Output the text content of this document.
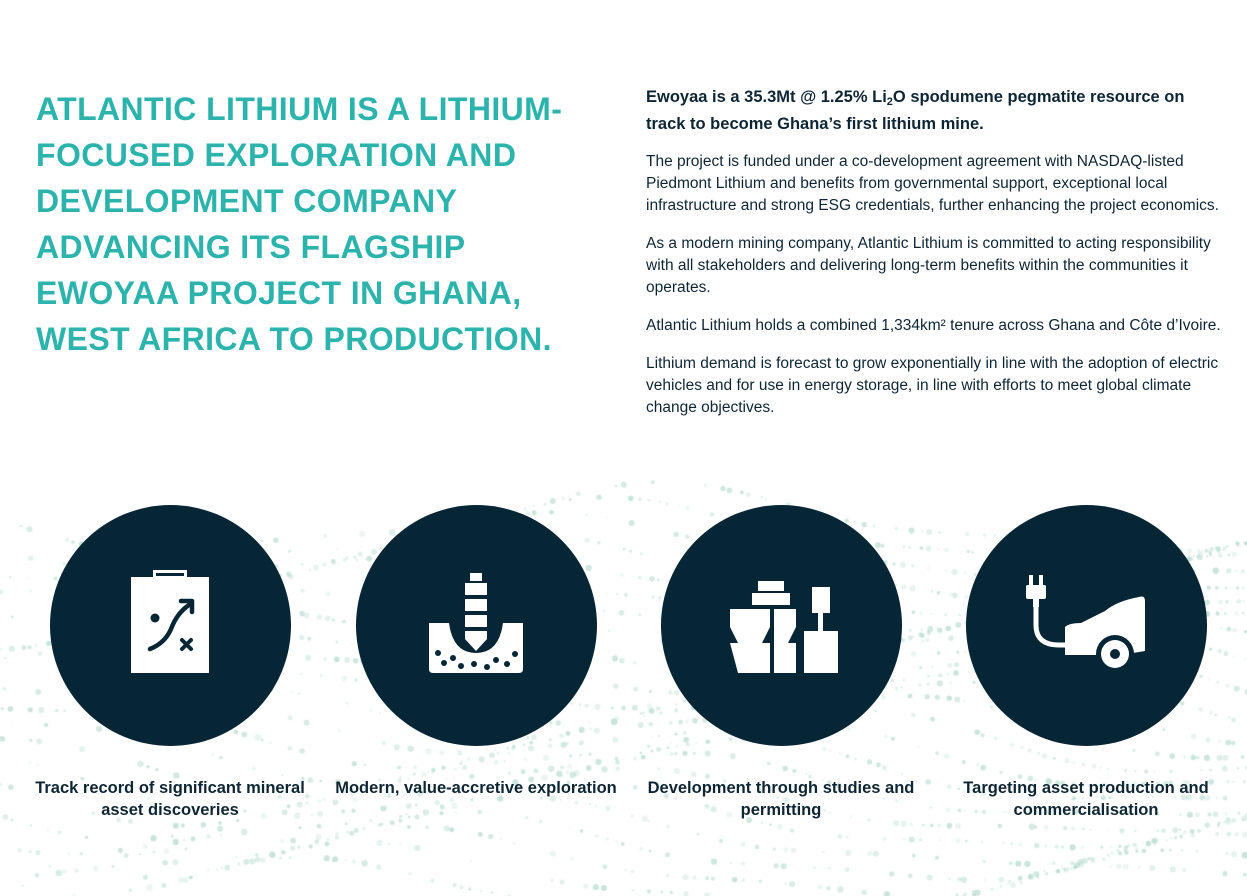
ATLANTIC LITHIUM IS A LITHIUM-FOCUSED EXPLORATION AND DEVELOPMENT COMPANY ADVANCING ITS FLAGSHIP EWOYAA PROJECT IN GHANA, WEST AFRICA TO PRODUCTION.

Ewoyaa is a 35.3Mt @ 1.25% $Li_2O$ spodumene pegmatite resource on track to become Ghana’s first lithium mine.

The project is funded under a co-development agreement with NASDAQ-listed Piedmont Lithium and benefits from governmental support, exceptional local infrastructure and strong ESG credentials, further enhancing the project economics.

As a modern mining company, Atlantic Lithium is committed to acting responsibility with all stakeholders and delivering long-term benefits within the communities it operates.

Atlantic Lithium holds a combined 1,334km² tenure across Ghana and Côte d’Ivoire.

Lithium demand is forecast to grow exponentially in line with the adoption of electric vehicles and for use in energy storage, in line with efforts to meet global climate change objectives.

Track record of significant mineral asset discoveries
Modern, value-accretive exploration	Development through studies and permitting
Targeting asset production and commercialisation
